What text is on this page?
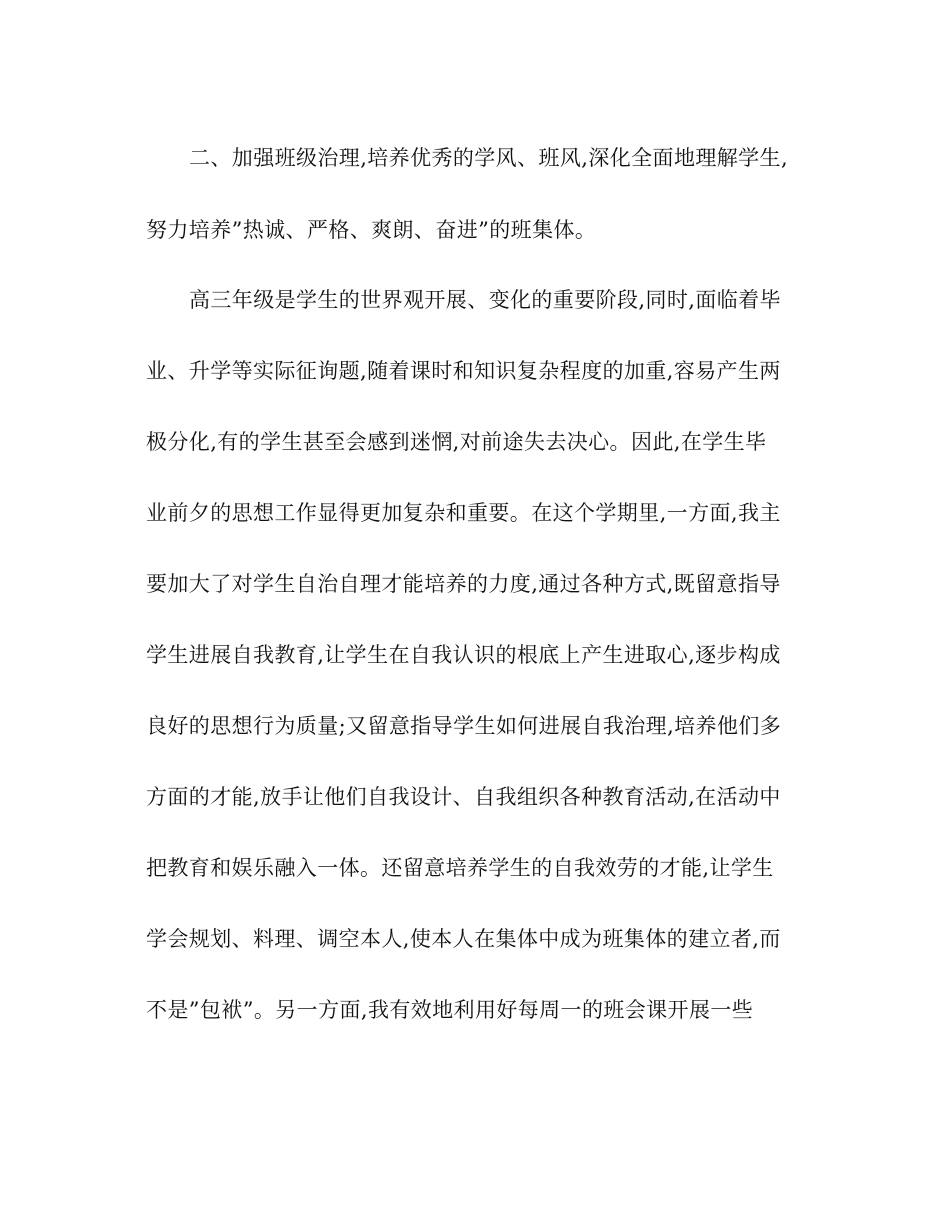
二、加强班级治理,培养优秀的学风、班风,深化全面地理解学生,
努力培养”热诚、严格、爽朗、奋进”的班集体。
高三年级是学生的世界观开展、变化的重要阶段,同时,面临着毕
业、升学等实际征询题,随着课时和知识复杂程度的加重,容易产生两
极分化,有的学生甚至会感到迷惘,对前途失去决心。因此,在学生毕
业前夕的思想工作显得更加复杂和重要。在这个学期里,一方面,我主
要加大了对学生自治自理才能培养的力度,通过各种方式,既留意指导
学生进展自我教育,让学生在自我认识的根底上产生进取心,逐步构成
良好的思想行为质量;又留意指导学生如何进展自我治理,培养他们多
方面的才能,放手让他们自我设计、自我组织各种教育活动,在活动中
把教育和娱乐融入一体。还留意培养学生的自我效劳的才能,让学生
学会规划、料理、调空本人,使本人在集体中成为班集体的建立者,而
不是”包袱”。另一方面,我有效地利用好每周一的班会课开展一些
